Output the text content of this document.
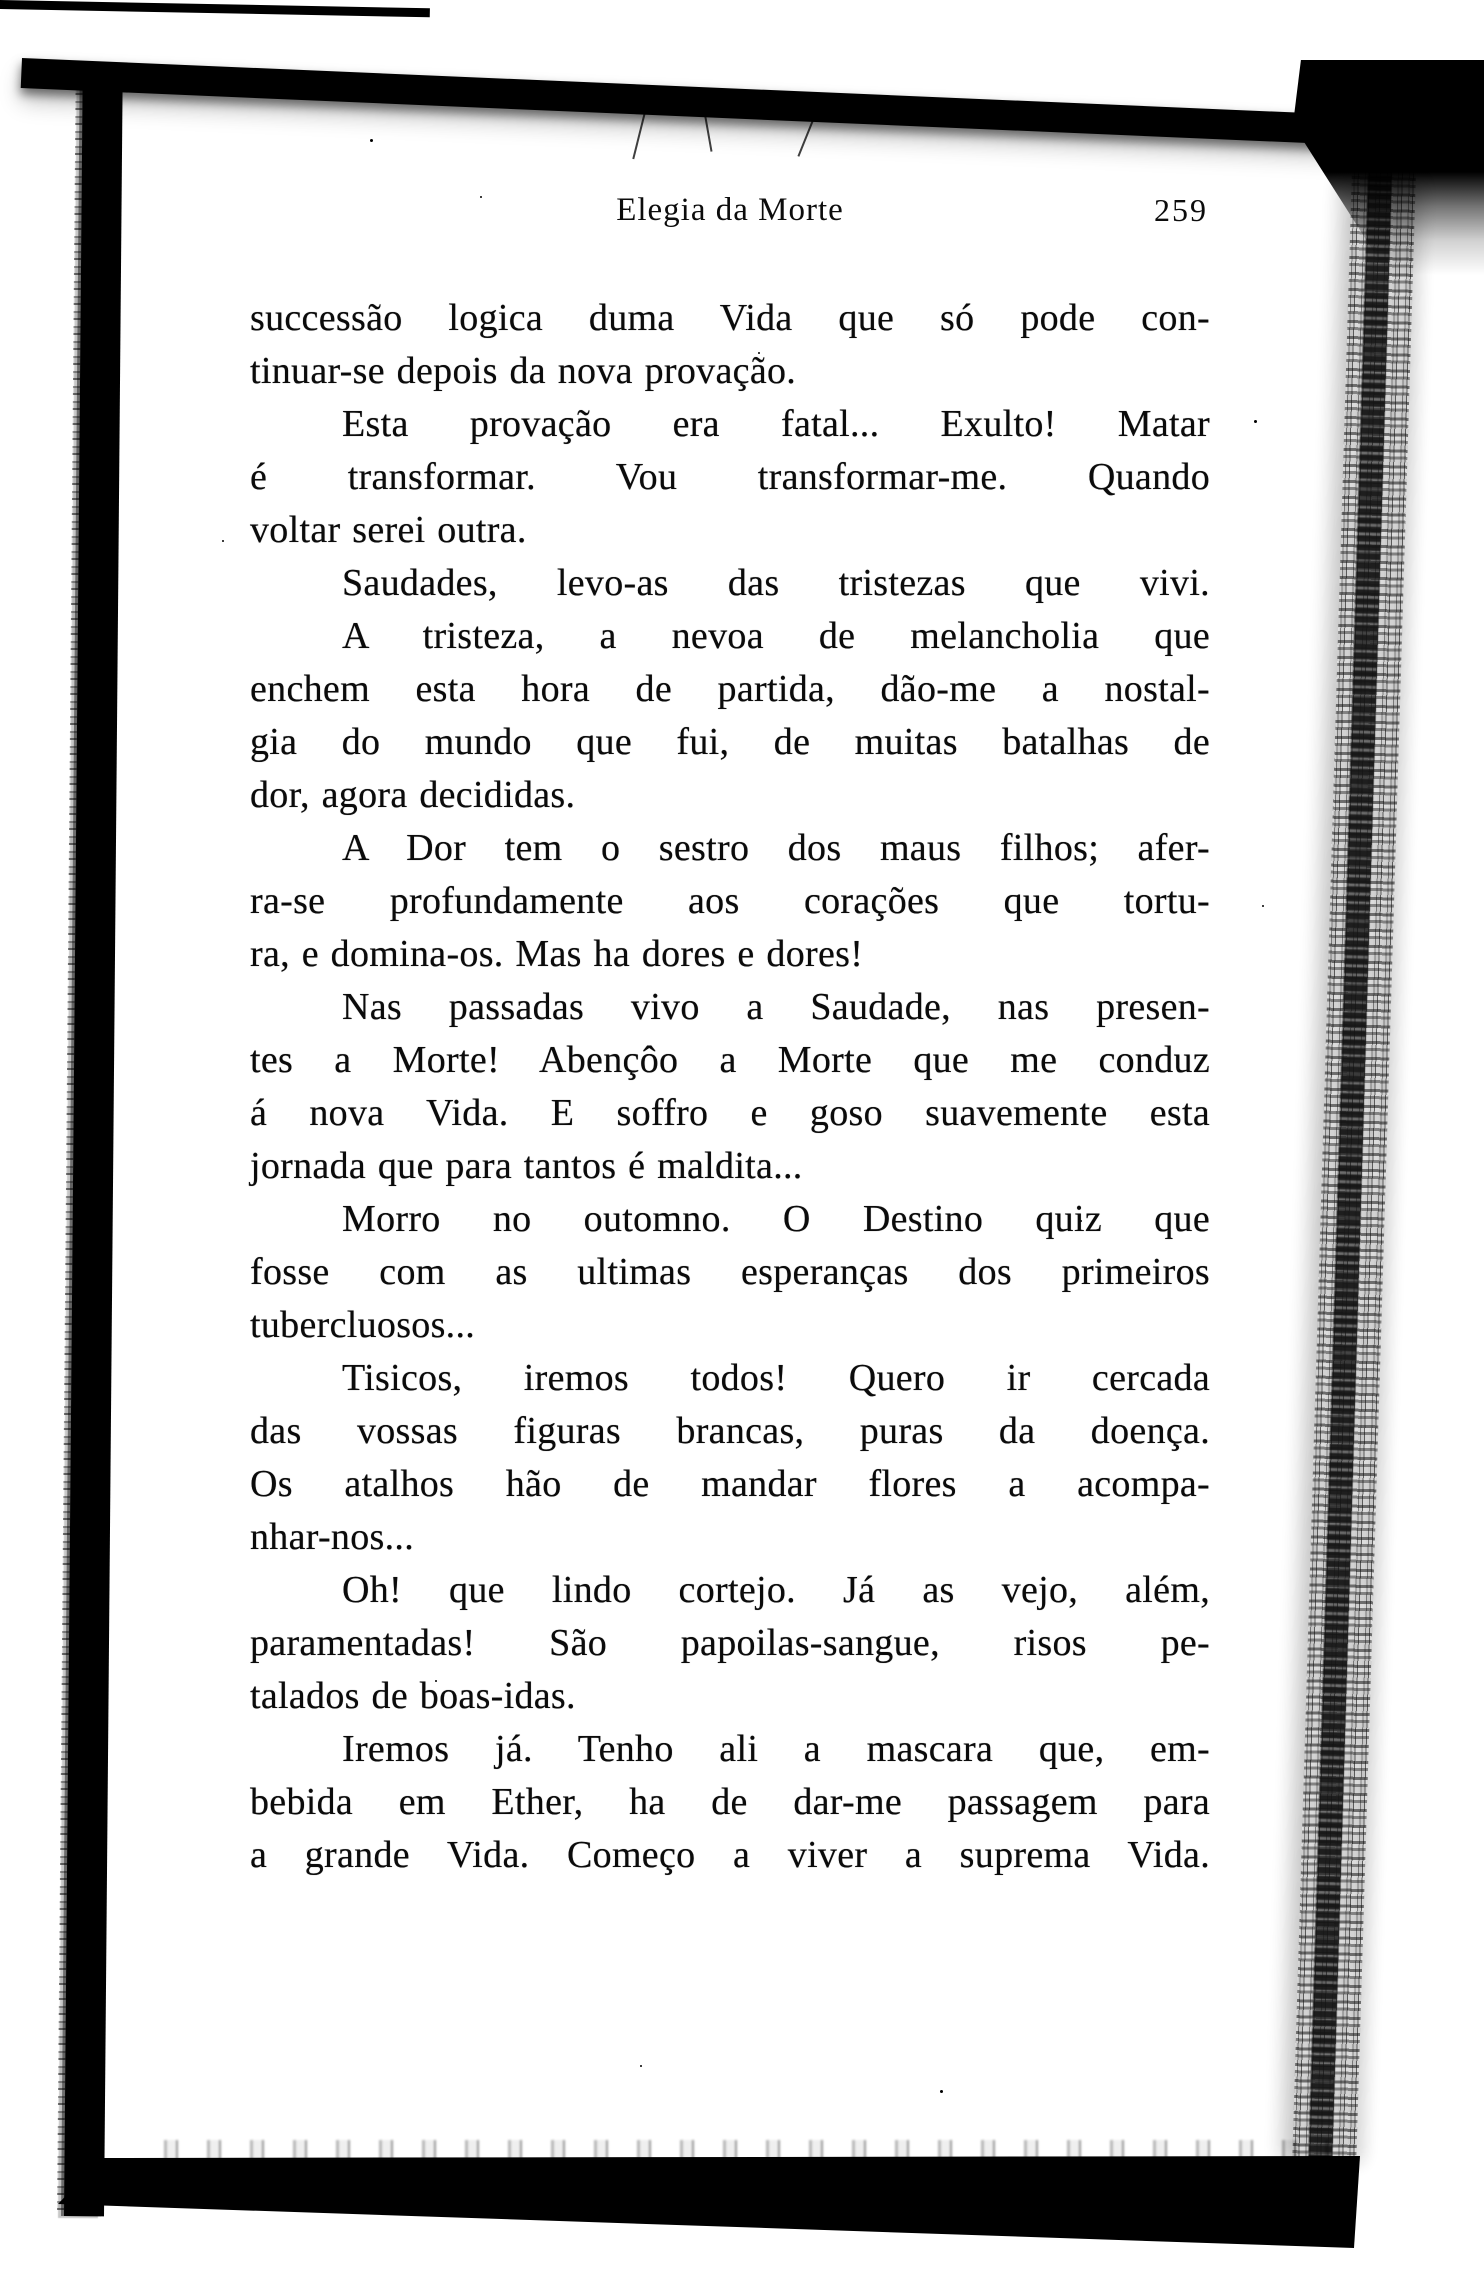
Elegia da Morte	259
successão logica duma Vida que só pode con-
tinuar-se depois da nova provação.
Esta provação era fatal... Exulto! Matar
é transformar. Vou transformar-me. Quando
voltar serei outra.
Saudades, levo-as das tristezas que vivi.
A tristeza, a nevoa de melancholia que
enchem esta hora de partida, dão-me a nostal-
gia do mundo que fui, de muitas batalhas de
dor, agora decididas.
A Dor tem o sestro dos maus filhos; afer-
ra-se profundamente aos corações que tortu-
ra, e domina-os. Mas ha dores e dores!
Nas passadas vivo a Saudade, nas presen-
tes a Morte! Abençôo a Morte que me conduz
á nova Vida. E soffro e goso suavemente esta
jornada que para tantos é maldita...
Morro no outomno. O Destino quiz que
fosse com as ultimas esperanças dos primeiros
tubercluosos...
Tisicos, iremos todos! Quero ir cercada
das vossas figuras brancas, puras da doença.
Os atalhos hão de mandar flores a acompa-
nhar-nos...
Oh! que lindo cortejo. Já as vejo, além,
paramentadas! São papoilas-sangue, risos pe-
talados de boas-idas.
Iremos já. Tenho ali a mascara que, em-
bebida em Ether, ha de dar-me passagem para
a grande Vida. Começo a viver a suprema Vida.
